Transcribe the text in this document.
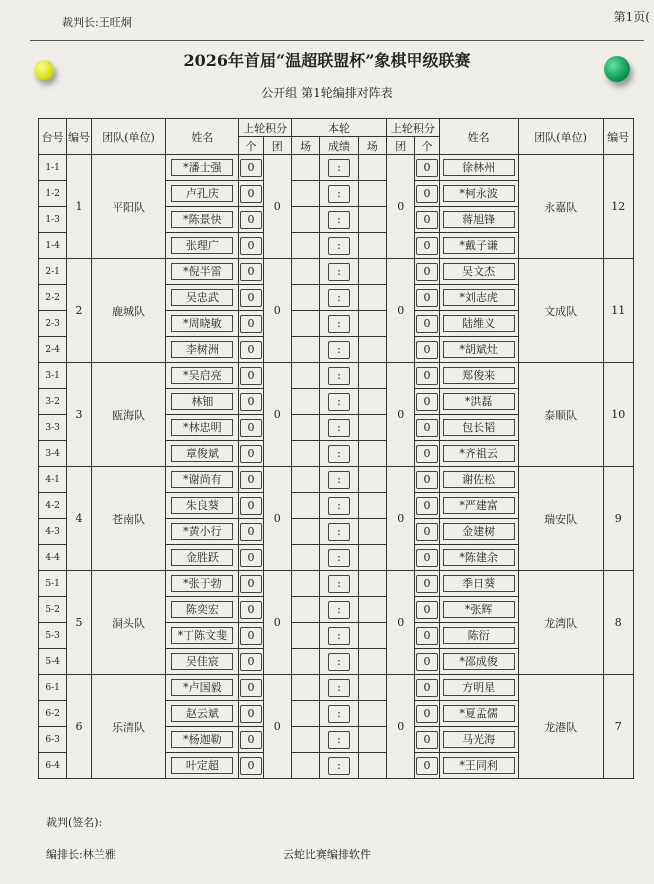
裁判长:王旺炯	第1页(
2026年首届“温超联盟杯”象棋甲级联赛
公开组 第1轮编排对阵表
台号	编号	团队(单位)	姓名	上轮积分		本轮			上轮积分		姓名	团队(单位)	编号
				个	团	场	成绩	场	团	个			
1-1	1	平阳队	*潘士强	0	0		:		0	0	徐林州	永嘉队	12
1-2			卢孔庆	0			:			0	*柯永波		
1-3			*陈景快	0			:			0	蒋旭锋		
1-4			张理广	0			:			0	*戴子谦		
2-1	2	鹿城队	*倪半雷	0	0		:		0	0	吴文杰	文成队	11
2-2			吴忠武	0			:			0	*刘志虎		
2-3			*周晓敏	0			:			0	陆维义		
2-4			李树洲	0			:			0	*胡斌灶		
3-1	3	瓯海队	*吴启亮	0	0		:		0	0	郑俊来	泰顺队	10
3-2			林钿	0			:			0	*洪磊		
3-3			*林忠明	0			:			0	包长韬		
3-4			章俊斌	0			:			0	*齐祖云		
4-1	4	苍南队	*谢尚有	0	0		:		0	0	谢佐松	瑞安队	9
4-2			朱良葵	0			:			0	*严建富		
4-3			*黄小行	0			:			0	金建树		
4-4			金胜跃	0			:			0	*陈建余		
5-1	5	洞头队	*张于勃	0	0		:		0	0	季日葵	龙湾队	8
5-2			陈奕宏	0			:			0	*张辉		
5-3			*丁陈文斐	0			:			0	陈衍		
5-4			吴佳宸	0			:			0	*邵成俊		
6-1	6	乐清队	*卢国毅	0	0		:		0	0	方明星	龙港队	7
6-2			赵云斌	0			:			0	*夏孟儒		
6-3			*杨迦勒	0			:			0	马光海		
6-4			叶定超	0			:			0	*王同利		
裁判(签名):
编排长:林兰雅	云蛇比赛编排软件
